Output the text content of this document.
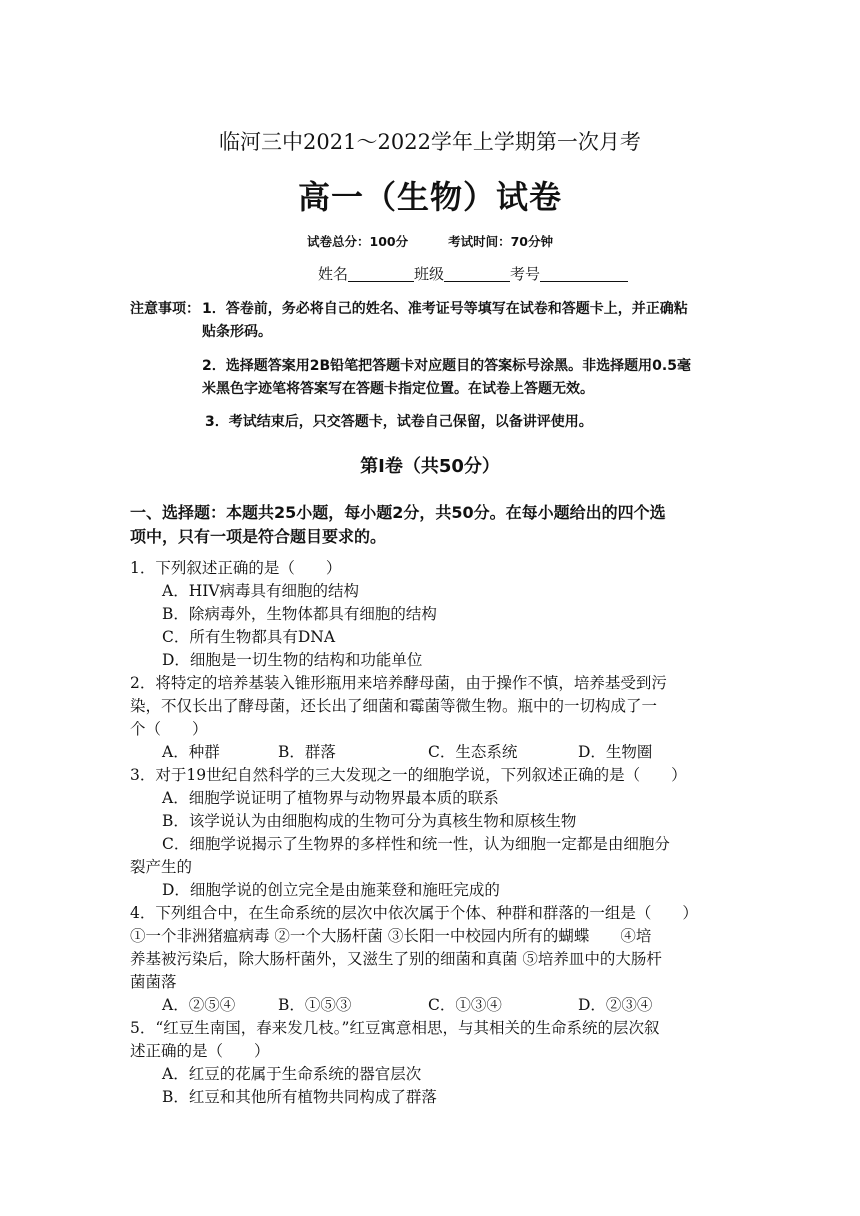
临河三中2021～2022学年上学期第一次月考
高一（生物）试卷
试卷总分：100分	考试时间：70分钟
姓名	班级	考号
注意事项： 1．答卷前，务必将自己的姓名、准考证号等填写在试卷和答题卡上，并正确粘
贴条形码。
2．选择题答案用2B铅笔把答题卡对应题目的答案标号涂黑。非选择题用0.5毫
米黑色字迹笔将答案写在答题卡指定位置。在试卷上答题无效。
3．考试结束后，只交答题卡，试卷自己保留，以备讲评使用。
第Ⅰ卷（共50分）
一、选择题：本题共25小题，每小题2分，共50分。在每小题给出的四个选
项中，只有一项是符合题目要求的。
1．下列叙述正确的是（　　）
A．HIV病毒具有细胞的结构
B．除病毒外，生物体都具有细胞的结构
C．所有生物都具有DNA
D．细胞是一切生物的结构和功能单位
2．将特定的培养基装入锥形瓶用来培养酵母菌，由于操作不慎，培养基受到污
染，不仅长出了酵母菌，还长出了细菌和霉菌等微生物。瓶中的一切构成了一
个（　　）
A．种群	B．群落	C．生态系统	D．生物圈
3．对于19世纪自然科学的三大发现之一的细胞学说，下列叙述正确的是（　　）
A．细胞学说证明了植物界与动物界最本质的联系
B．该学说认为由细胞构成的生物可分为真核生物和原核生物
C．细胞学说揭示了生物界的多样性和统一性，认为细胞一定都是由细胞分
裂产生的
D．细胞学说的创立完全是由施莱登和施旺完成的
4．下列组合中，在生命系统的层次中依次属于个体、种群和群落的一组是（　　）
①一个非洲猪瘟病毒 ②一个大肠杆菌 ③长阳一中校园内所有的蝴蝶　　④培
养基被污染后，除大肠杆菌外，又滋生了别的细菌和真菌 ⑤培养皿中的大肠杆
菌菌落
A．②⑤④	B．①⑤③	C．①③④	D．②③④
5．“红豆生南国，春来发几枝。”红豆寓意相思，与其相关的生命系统的层次叙
述正确的是（　　）
A．红豆的花属于生命系统的器官层次
B．红豆和其他所有植物共同构成了群落
